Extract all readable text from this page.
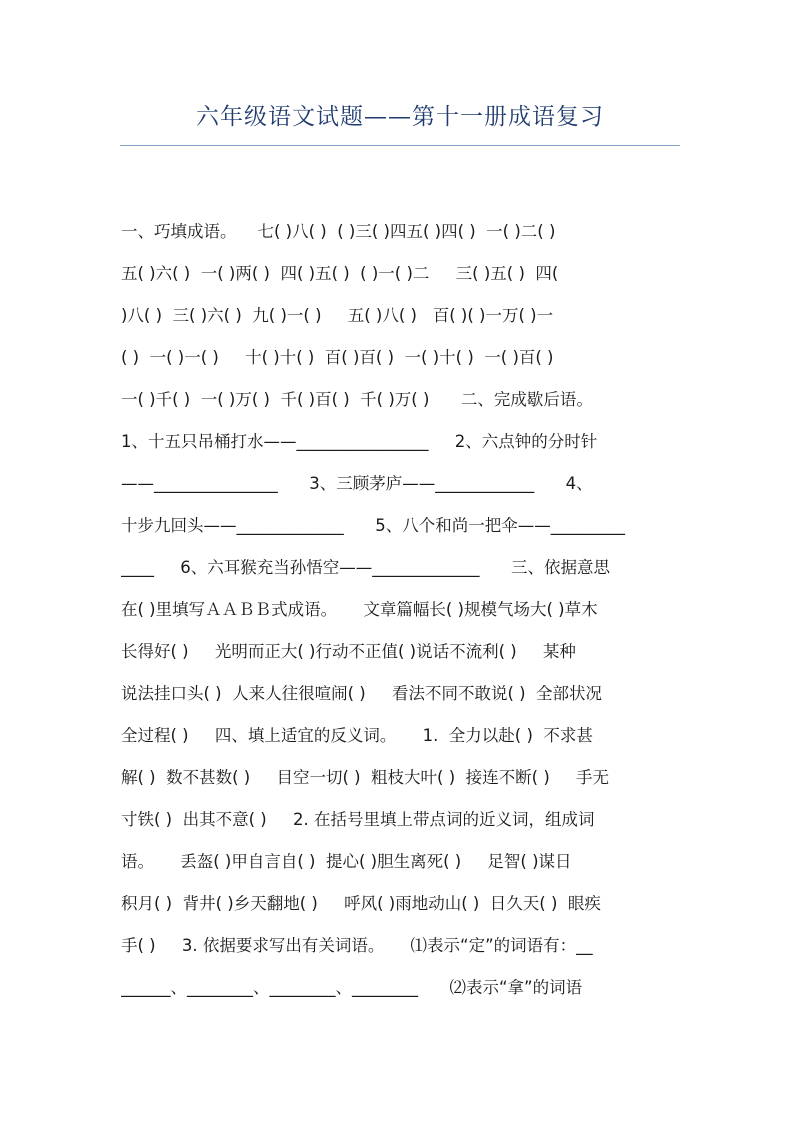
六年级语文试题——第十一册成语复习
一、巧填成语。    七( )八( )  ( )三( )四五( )四( )  一( )二( )
五( )六( )  一( )两( )  四( )五( )  ( )一( )二     三( )五( )  四(
)八( )  三( )六( )  九( )一( )     五( )八( )   百( )( )一万( )一
( )  一( )一( )     十( )十( )  百( )百( )  一( )十( )  一( )百( )
一( )千( )  一( )万( )  千( )百( )  千( )万( )      二、完成歇后语。
1、十五只吊桶打水——________________     2、六点钟的分时针
——_______________      3、三顾茅庐——____________      4、
十步九回头——_____________      5、八个和尚一把伞——_________
____     6、六耳猴充当孙悟空——_____________      三、依据意思
在( )里填写ＡＡＢＢ式成语。     文章篇幅长( )规模气场大( )草木
长得好( )     光明而正大( )行动不正值( )说话不流利( )     某种
说法挂口头( )  人来人往很喧闹( )     看法不同不敢说( )  全部状况
全过程( )     四、填上适宜的反义词。     1.  全力以赴( )  不求甚
解( )  数不甚数( )     目空一切( )  粗枝大叶( )  接连不断( )     手无
寸铁( )  出其不意( )     2. 在括号里填上带点词的近义词，组成词
语。     丢盔( )甲自言自( )  提心( )胆生离死( )     足智( )谋日
积月( )  背井( )乡天翻地( )     呼风( )雨地动山( )  日久天( )  眼疾
手( )     3. 依据要求写出有关词语。     ⑴表示“定”的词语有：__
______、________、________、________      ⑵表示“拿”的词语
